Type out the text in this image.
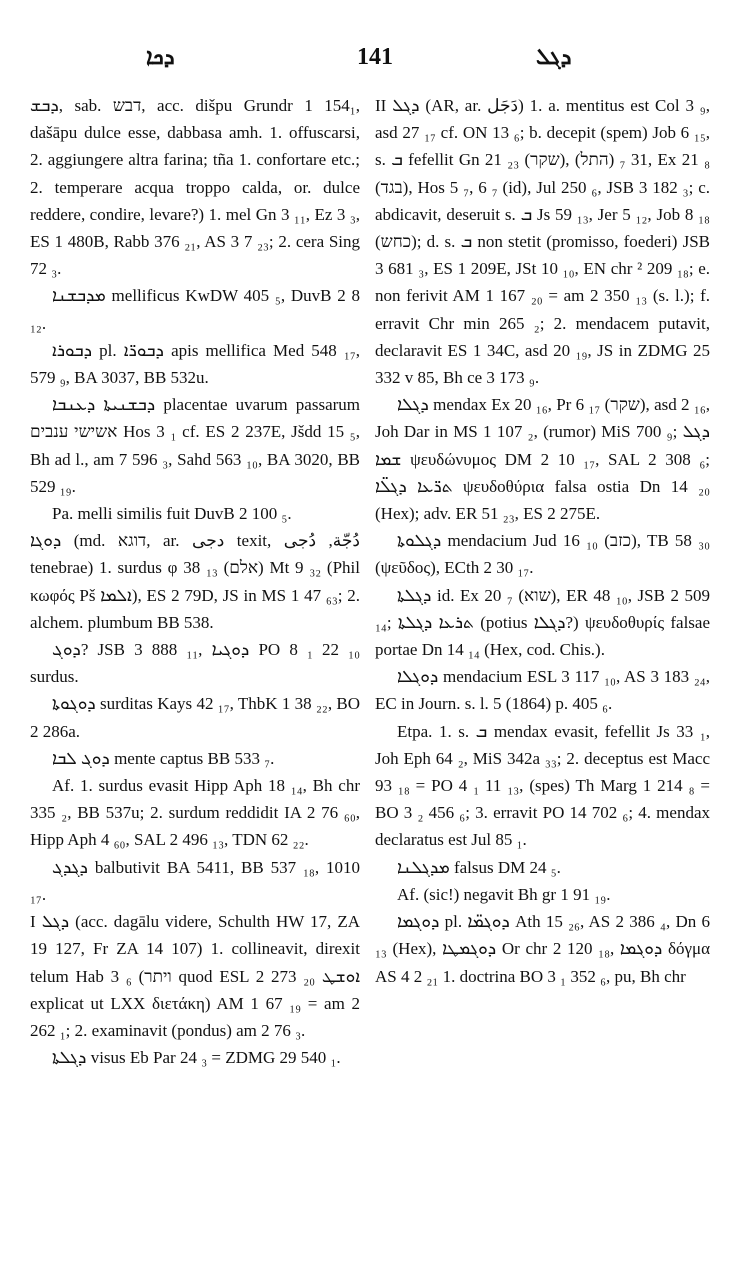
ܕܟܐ	141	ܕܓܠ

ܕܒܫ, sab. דבש, acc. dišpu Grundr 1 154₁, dašāpu dulce esse, dabbasa amh. 1. offuscarsi, 2. aggiungere altra farina; tña 1. confortare etc.; 2. temperare acqua troppo calda, or. dulce reddere, condire, levare?) 1. mel Gn 3 ₁₁, Ez 3 ₃, ES 1 480B, Rabb 376 ₂₁, AS 3 7 ₂₃; 2. cera Sing 72 ₃.

ܡܕܒܫܢܐ mellificus KwDW 405 ₅, DuvB 2 8 ₁₂.

ܕܒܘܪܐ pl. ܕܒܘܪ̈ܐ apis mellifica Med 548 ₁₇, 579 ₉, BA 3037, BB 532u.

ܕܒܫܢܝܬܐ ܕܥܢܒܐ placentae uvarum passarum אשישי ענבים Hos 3 ₁ cf. ES 2 237E, Jšdd 15 ₅, Bh ad l., am 7 596 ₃, Sahd 563 ₁₀, BA 3020, BB 529 ₁₉.

Pa. melli similis fuit DuvB 2 100 ₅.

ܕܘܓܐ (md. דוגא, ar. دجى texit, دُجّة, دُجى tenebrae) 1. surdus φ 38 ₁₃ (אלם) Mt 9 ₃₂ (Phil κωφός Pš ܐܠܡܐ), ES 2 79D, JS in MS 1 47 ₆₃; 2. alchem. plumbum BB 538.

ܕܘܓ? JSB 3 888 ₁₁, ܕܘܓܝܐ PO 8 ₁ 22 ₁₀ surdus.

ܕܘܓܘܬܐ surditas Kays 42 ₁₇, ThbK 1 38 ₂₂, BO 2 286a.

ܕܘܓ ܠܒܐ mente captus BB 533 ₇.

Af. 1. surdus evasit Hipp Aph 18 ₁₄, Bh chr 335 ₂, BB 537u; 2. surdum reddidit IA 2 76 ₆₀, Hipp Aph 4 ₆₀, SAL 2 496 ₁₃, TDN 62 ₂₂.

ܕܓܕܓ balbutivit BA 5411, BB 537 ₁₈, 1010 ₁₇.

I ܕܓܠ (acc. dagālu videre, Schulth HW 17, ZA 19 127, Fr ZA 14 107) 1. collineavit, direxit telum Hab 3 ₆ (ויתר quod ESL 2 273 ₂₀ ܐܘܫܛ explicat ut LXX διετάκη) AM 1 67 ₁₉ = am 2 262 ₁; 2. examinavit (pondus) am 2 76 ₃.

ܕܓܠܬܐ visus Eb Par 24 ₃ = ZDMG 29 540 ₁.

II ܕܓܠ (AR, ar. دَجَل) 1. a. mentitus est Col 3 ₉, asd 27 ₁₇ cf. ON 13 ₆; b. decepit (spem) Job 6 ₁₅, s. ܒ fefellit Gn 21 ₂₃ (שקר), 31 ₇ (התל), Ex 21 ₈ (בגד), Hos 5 ₇, 6 ₇ (id), Jul 250 ₆, JSB 3 182 ₃; c. abdicavit, deseruit s. ܒ Js 59 ₁₃, Jer 5 ₁₂, Job 8 ₁₈ (כחש); d. s. ܒ non stetit (promisso, foederi) JSB 3 681 ₃, ES 1 209E, JSt 10 ₁₀, EN chr ² 209 ₁₈; e. non ferivit AM 1 167 ₂₀ = am 2 350 ₁₃ (s. l.); f. erravit Chr min 265 ₂; 2. mendacem putavit, declaravit ES 1 34C, asd 20 ₁₉, JS in ZDMG 25 332 v 85, Bh ce 3 173 ₉.

ܕܓܠܐ mendax Ex 20 ₁₆, Pr 6 ₁₇ (שקר), asd 2 ₁₆, Joh Dar in MS 1 107 ₂, (rumor) MiS 700 ₉; ܕܓܠ ܫܡܐ ψευδώνυμος DM 2 10 ₁₇, SAL 2 308 ₆; ܬܪ̈ܥܐ ܕܓܠ̈ܐ ψευδοθύρια falsa ostia Dn 14 ₂₀ (Hex); adv. ER 51 ₂₃, ES 2 275E.

ܕܓܠܘܬܐ mendacium Jud 16 ₁₀ (כזב), TB 58 ₃₀ (ψεῦδος), ECth 2 30 ₁₇.

ܕܓܠܬܐ id. Ex 20 ₇ (שוא), ER 48 ₁₀, JSB 2 509 ₁₄; ܬܪܥܐ ܕܓܠܬܐ (potius ܕܓܠܐ?) ψευδοθυρίς falsae portae Dn 14 ₁₄ (Hex, cod. Chis.).

ܕܘܓܠܐ mendacium ESL 3 117 ₁₀, AS 3 183 ₂₄, EC in Journ. s. l. 5 (1864) p. 405 ₆.

Etpa. 1. s. ܒ mendax evasit, fefellit Js 33 ₁, Joh Eph 64 ₂, MiS 342a ₃₃; 2. deceptus est Macc 93 ₁₈ = PO 4 ₁ 11 ₁₃, (spes) Th Marg 1 214 ₈ = BO 3 ₂ 456 ₆; 3. erravit PO 14 702 ₆; 4. mendax declaratus est Jul 85 ₁.

ܡܕܓܠܢܐ falsus DM 24 ₅.

Af. (sic!) negavit Bh gr 1 91 ₁₉.

ܕܘܓܡܐ pl. ܕܘܓܡ̈ܐ Ath 15 ₂₆, AS 2 386 ₄, Dn 6 ₁₃ (Hex), ܕܘܓܡܛܐ Or chr 2 120 ₁₈, ܕܘܓܡܐ δόγμα AS 4 2 ₂₁ 1. doctrina BO 3 ₁ 352 ₆, pu, Bh chr
